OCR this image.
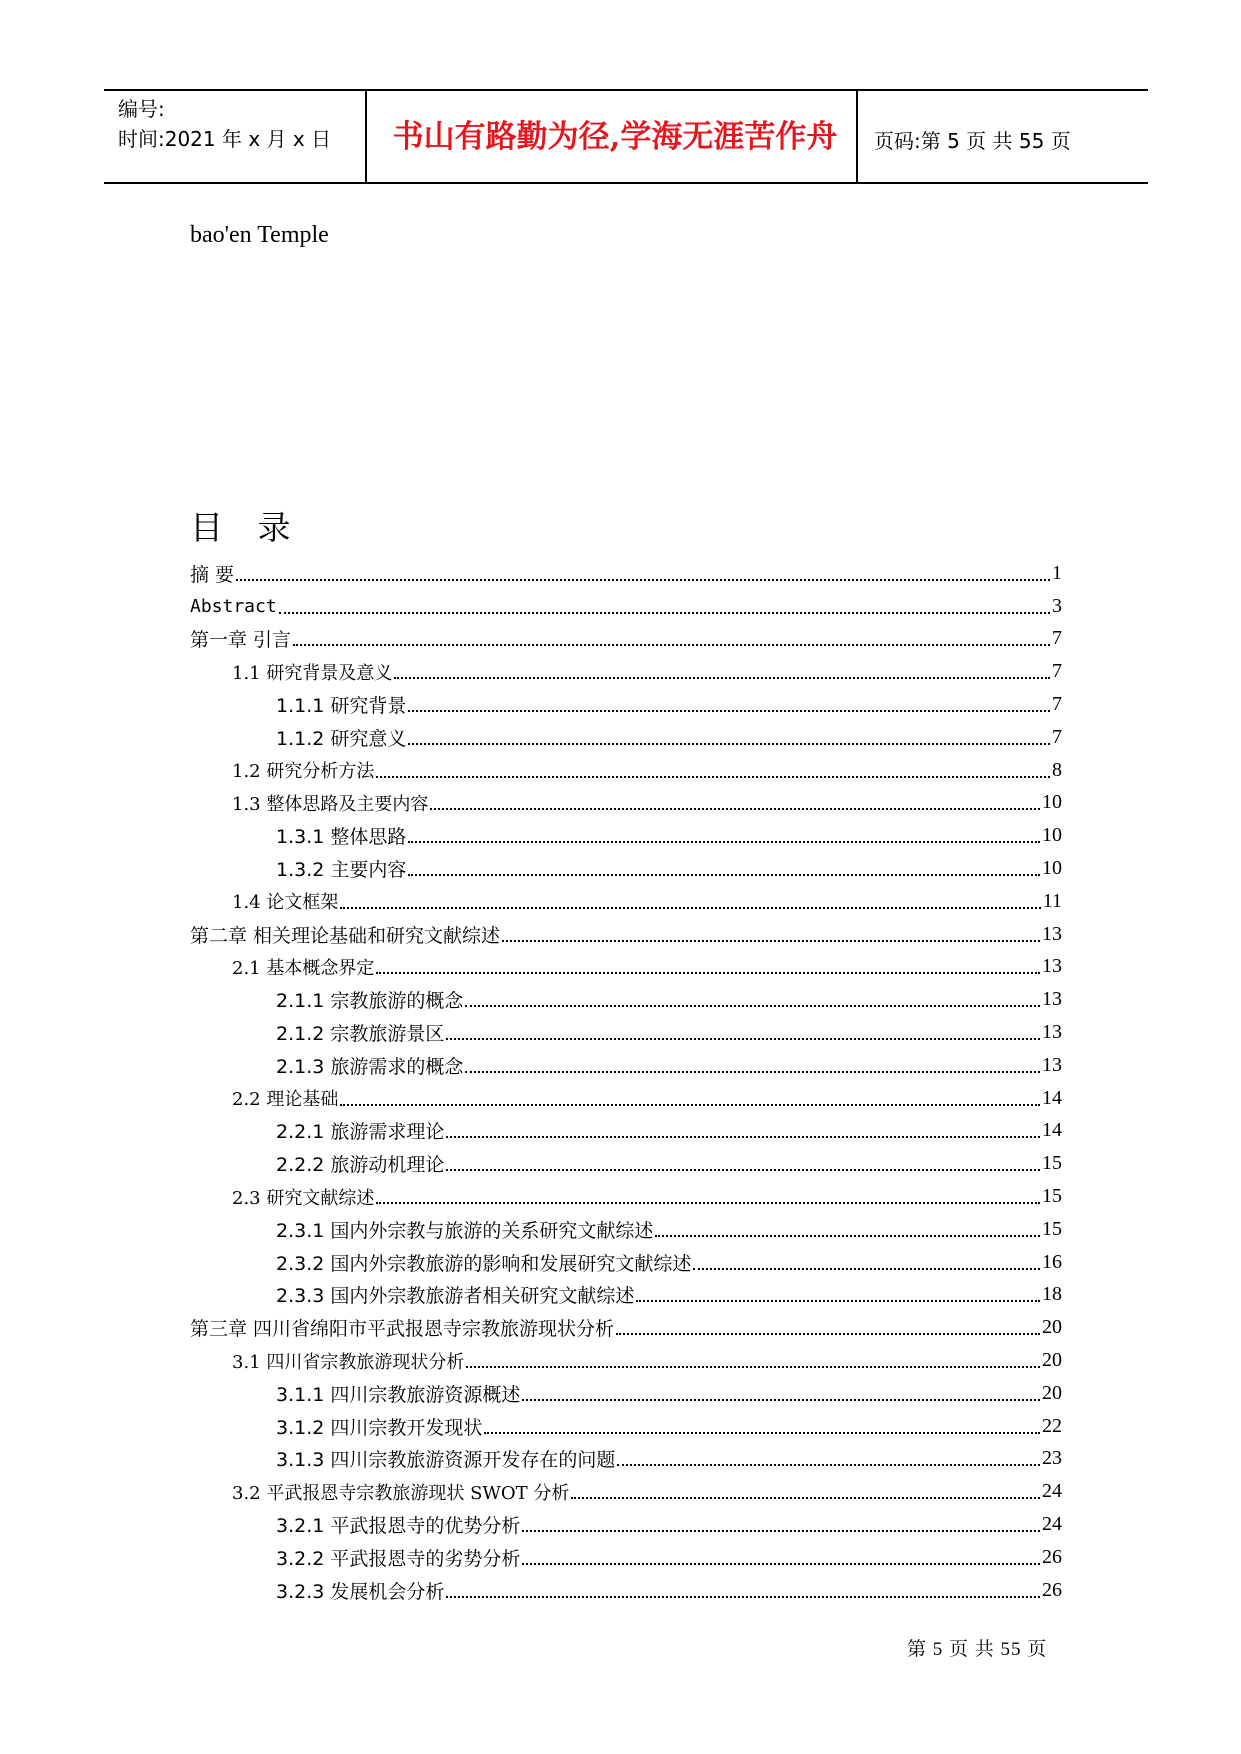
编号:
时间:2021 年 x 月 x 日	书山有路勤为径,学海无涯苦作舟	页码:第 5 页 共 55 页
bao'en Temple
目 录
摘 要	1
Abstract	3
第一章 引言	7
1.1 研究背景及意义	7
1.1.1 研究背景	7
1.1.2 研究意义	7
1.2 研究分析方法	8
1.3 整体思路及主要内容	10
1.3.1 整体思路	10
1.3.2 主要内容	10
1.4 论文框架	11
第二章 相关理论基础和研究文献综述	13
2.1 基本概念界定	13
2.1.1 宗教旅游的概念	13
2.1.2 宗教旅游景区	13
2.1.3 旅游需求的概念	13
2.2 理论基础	14
2.2.1 旅游需求理论	14
2.2.2 旅游动机理论	15
2.3 研究文献综述	15
2.3.1 国内外宗教与旅游的关系研究文献综述	15
2.3.2 国内外宗教旅游的影响和发展研究文献综述	16
2.3.3 国内外宗教旅游者相关研究文献综述	18
第三章 四川省绵阳市平武报恩寺宗教旅游现状分析	20
3.1 四川省宗教旅游现状分析	20
3.1.1 四川宗教旅游资源概述	20
3.1.2 四川宗教开发现状	22
3.1.3 四川宗教旅游资源开发存在的问题	23
3.2 平武报恩寺宗教旅游现状 SWOT 分析	24
3.2.1 平武报恩寺的优势分析	24
3.2.2 平武报恩寺的劣势分析	26
3.2.3 发展机会分析	26
第 5 页 共 55 页
